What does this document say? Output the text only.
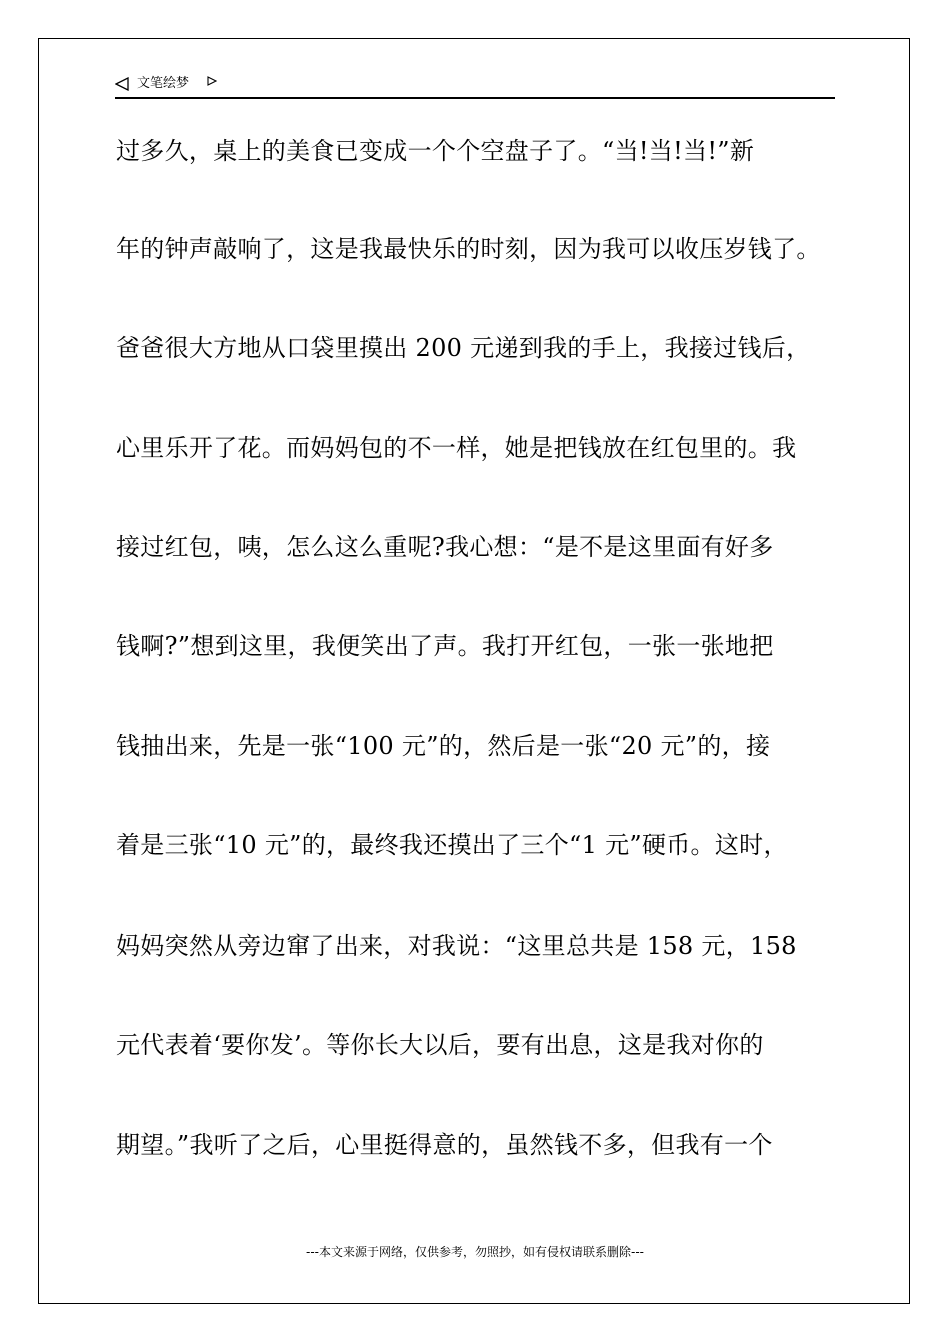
文笔绘梦
过多久，桌上的美食已变成一个个空盘子了。“当!当!当!”新
年的钟声敲响了，这是我最快乐的时刻，因为我可以收压岁钱了。
爸爸很大方地从口袋里摸出 200 元递到我的手上，我接过钱后，
心里乐开了花。而妈妈包的不一样，她是把钱放在红包里的。我
接过红包，咦，怎么这么重呢?我心想：“是不是这里面有好多
钱啊?”想到这里，我便笑出了声。我打开红包，一张一张地把
钱抽出来，先是一张“100 元”的，然后是一张“20 元”的，接
着是三张“10 元”的，最终我还摸出了三个“1 元”硬币。这时，
妈妈突然从旁边窜了出来，对我说：“这里总共是 158 元，158
元代表着‘要你发’。等你长大以后，要有出息，这是我对你的
期望。”我听了之后，心里挺得意的，虽然钱不多，但我有一个
---本文来源于网络，仅供参考，勿照抄，如有侵权请联系删除---
